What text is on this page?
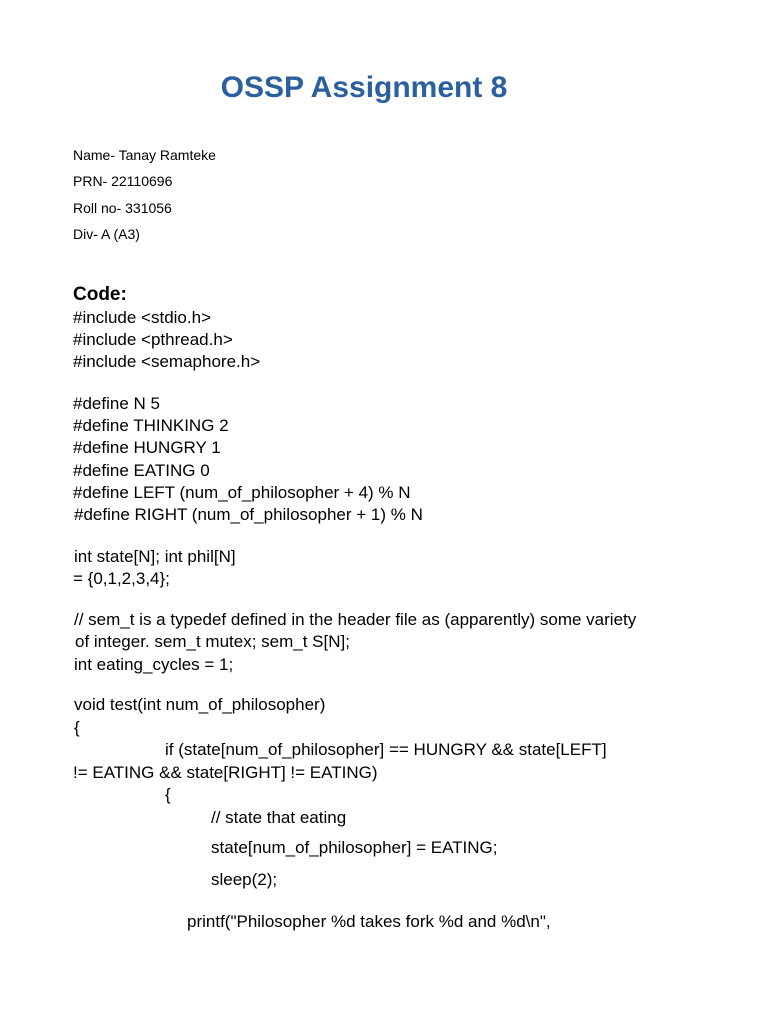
OSSP Assignment 8

Name- Tanay Ramteke

PRN- 22110696

Roll no- 331056

Div- A (A3)

Code:

#include <stdio.h>

#include <pthread.h>

#include <semaphore.h>

#define N 5

#define THINKING 2

#define HUNGRY 1

#define EATING 0

#define LEFT (num_of_philosopher + 4) % N

#define RIGHT (num_of_philosopher + 1) % N

int state[N]; int phil[N]

= {0,1,2,3,4};

// sem_t is a typedef defined in the header file as (apparently) some variety

of integer. sem_t mutex; sem_t S[N];

int eating_cycles = 1;

void test(int num_of_philosopher)

{

if (state[num_of_philosopher] == HUNGRY && state[LEFT]

!= EATING && state[RIGHT] != EATING)

{

// state that eating

state[num_of_philosopher] = EATING;

sleep(2);

printf("Philosopher %d takes fork %d and %d\n",
